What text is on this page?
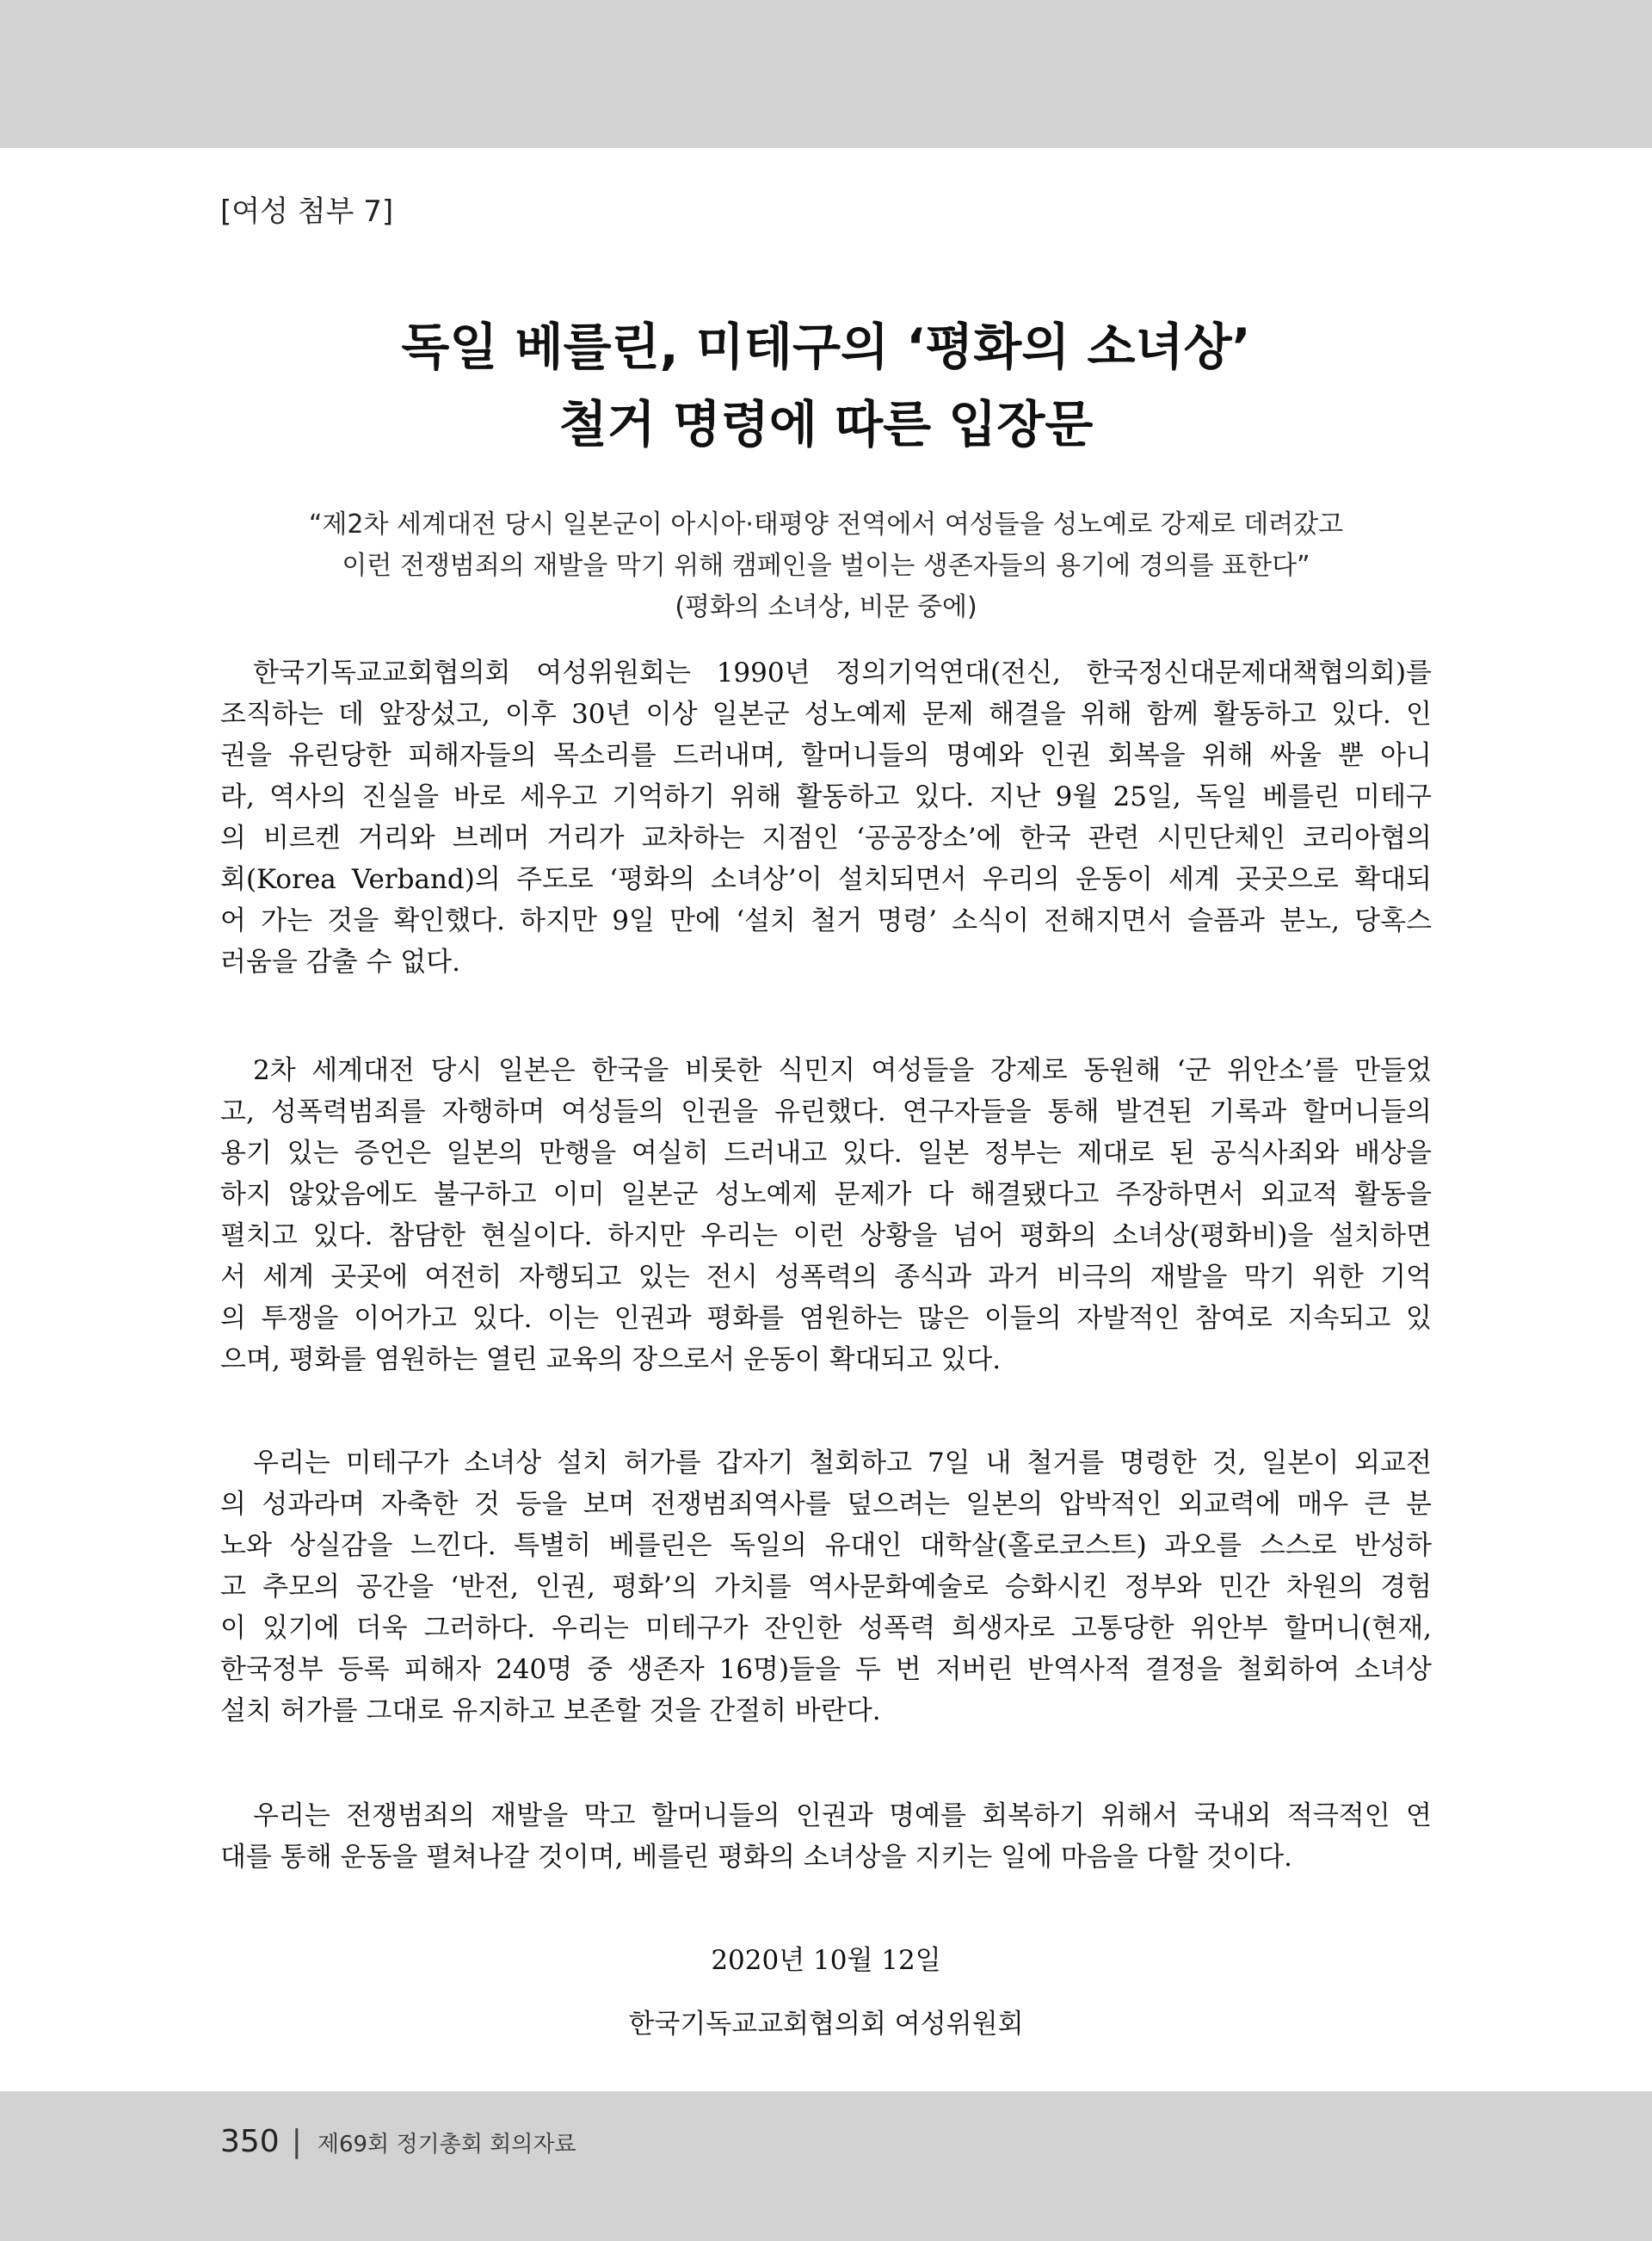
[여성 첨부 7]
독일 베를린, 미테구의 ‘평화의 소녀상’
철거 명령에 따른 입장문
“제2차 세계대전 당시 일본군이 아시아·태평양 전역에서 여성들을 성노예로 강제로 데려갔고
이런 전쟁범죄의 재발을 막기 위해 캠페인을 벌이는 생존자들의 용기에 경의를 표한다”
(평화의 소녀상, 비문 중에)
한국기독교교회협의회 여성위원회는 1990년 정의기억연대(전신, 한국정신대문제대책협의회)를
조직하는 데 앞장섰고, 이후 30년 이상 일본군 성노예제 문제 해결을 위해 함께 활동하고 있다. 인
권을 유린당한 피해자들의 목소리를 드러내며, 할머니들의 명예와 인권 회복을 위해 싸울 뿐 아니
라, 역사의 진실을 바로 세우고 기억하기 위해 활동하고 있다. 지난 9월 25일, 독일 베를린 미테구
의 비르켄 거리와 브레머 거리가 교차하는 지점인 ‘공공장소’에 한국 관련 시민단체인 코리아협의
회(Korea Verband)의 주도로 ‘평화의 소녀상’이 설치되면서 우리의 운동이 세계 곳곳으로 확대되
어 가는 것을 확인했다. 하지만 9일 만에 ‘설치 철거 명령’ 소식이 전해지면서 슬픔과 분노, 당혹스
러움을 감출 수 없다.
2차 세계대전 당시 일본은 한국을 비롯한 식민지 여성들을 강제로 동원해 ‘군 위안소’를 만들었
고, 성폭력범죄를 자행하며 여성들의 인권을 유린했다. 연구자들을 통해 발견된 기록과 할머니들의
용기 있는 증언은 일본의 만행을 여실히 드러내고 있다. 일본 정부는 제대로 된 공식사죄와 배상을
하지 않았음에도 불구하고 이미 일본군 성노예제 문제가 다 해결됐다고 주장하면서 외교적 활동을
펼치고 있다. 참담한 현실이다. 하지만 우리는 이런 상황을 넘어 평화의 소녀상(평화비)을 설치하면
서 세계 곳곳에 여전히 자행되고 있는 전시 성폭력의 종식과 과거 비극의 재발을 막기 위한 기억
의 투쟁을 이어가고 있다. 이는 인권과 평화를 염원하는 많은 이들의 자발적인 참여로 지속되고 있
으며, 평화를 염원하는 열린 교육의 장으로서 운동이 확대되고 있다.
우리는 미테구가 소녀상 설치 허가를 갑자기 철회하고 7일 내 철거를 명령한 것, 일본이 외교전
의 성과라며 자축한 것 등을 보며 전쟁범죄역사를 덮으려는 일본의 압박적인 외교력에 매우 큰 분
노와 상실감을 느낀다. 특별히 베를린은 독일의 유대인 대학살(홀로코스트) 과오를 스스로 반성하
고 추모의 공간을 ‘반전, 인권, 평화’의 가치를 역사문화예술로 승화시킨 정부와 민간 차원의 경험
이 있기에 더욱 그러하다. 우리는 미테구가 잔인한 성폭력 희생자로 고통당한 위안부 할머니(현재,
한국정부 등록 피해자 240명 중 생존자 16명)들을 두 번 저버린 반역사적 결정을 철회하여 소녀상
설치 허가를 그대로 유지하고 보존할 것을 간절히 바란다.
우리는 전쟁범죄의 재발을 막고 할머니들의 인권과 명예를 회복하기 위해서 국내외 적극적인 연
대를 통해 운동을 펼쳐나갈 것이며, 베를린 평화의 소녀상을 지키는 일에 마음을 다할 것이다.
2020년 10월 12일
한국기독교교회협의회 여성위원회
350 | 제69회 정기총회 회의자료
